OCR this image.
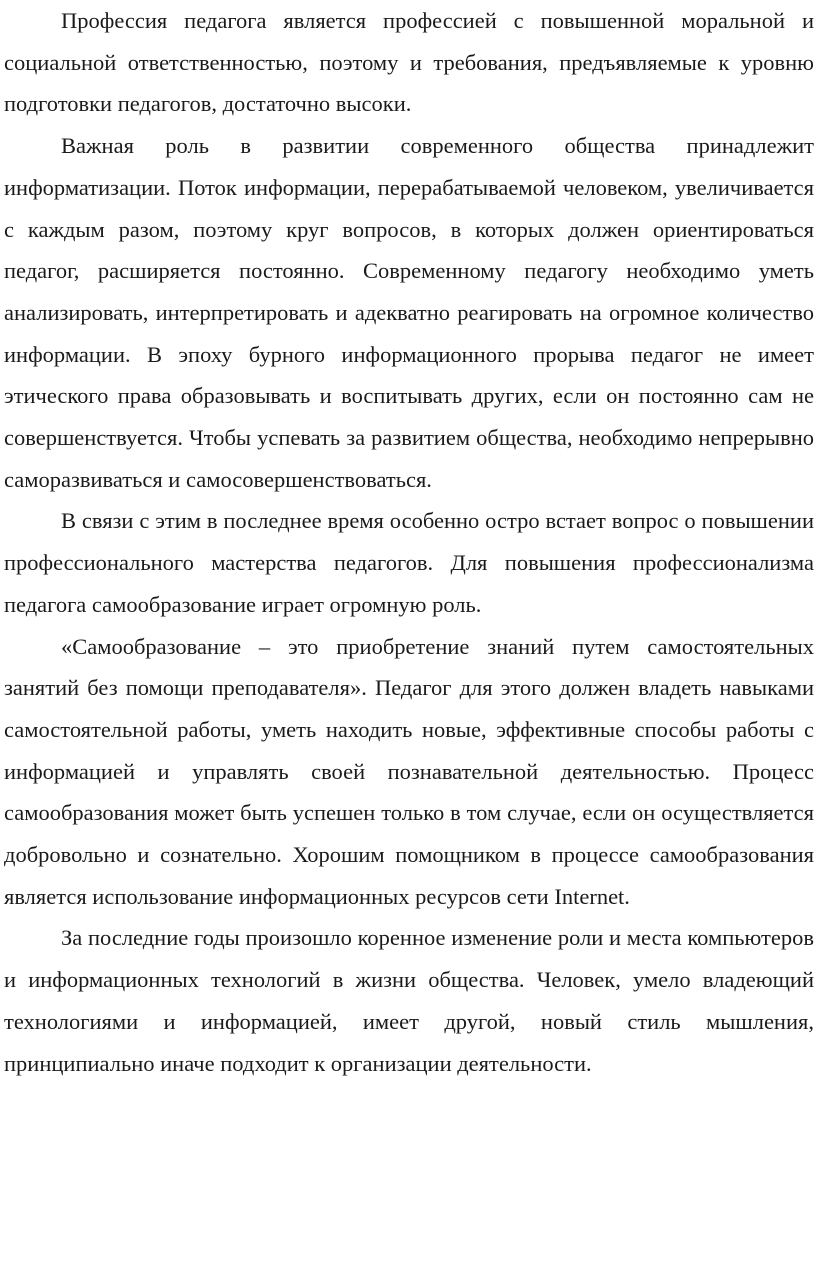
Профессия педагога является профессией с повышенной моральной и социальной ответственностью, поэтому и требования, предъявляемые к уровню подготовки педагогов, достаточно высоки.

Важная роль в развитии современного общества принадлежит информатизации. Поток информации, перерабатываемой человеком, увеличивается с каждым разом, поэтому круг вопросов, в которых должен ориентироваться педагог, расширяется постоянно. Современному педагогу необходимо уметь анализировать, интерпретировать и адекватно реагировать на огромное количество информации. В эпоху бурного информационного прорыва педагог не имеет этического права образовывать и воспитывать других, если он постоянно сам не совершенствуется. Чтобы успевать за развитием общества, необходимо непрерывно саморазвиваться и самосовершенствоваться.

В связи с этим в последнее время особенно остро встает вопрос о повышении профессионального мастерства педагогов. Для повышения профессионализма педагога самообразование играет огромную роль.

«Самообразование – это приобретение знаний путем самостоятельных занятий без помощи преподавателя». Педагог для этого должен владеть навыками самостоятельной работы, уметь находить новые, эффективные способы работы с информацией и управлять своей познавательной деятельностью. Процесс самообразования может быть успешен только в том случае, если он осуществляется добровольно и сознательно. Хорошим помощником в процессе самообразования является использование информационных ресурсов сети Internet.

За последние годы произошло коренное изменение роли и места компьютеров и информационных технологий в жизни общества. Человек, умело владеющий технологиями и информацией, имеет другой, новый стиль мышления, принципиально иначе подходит к организации деятельности.
